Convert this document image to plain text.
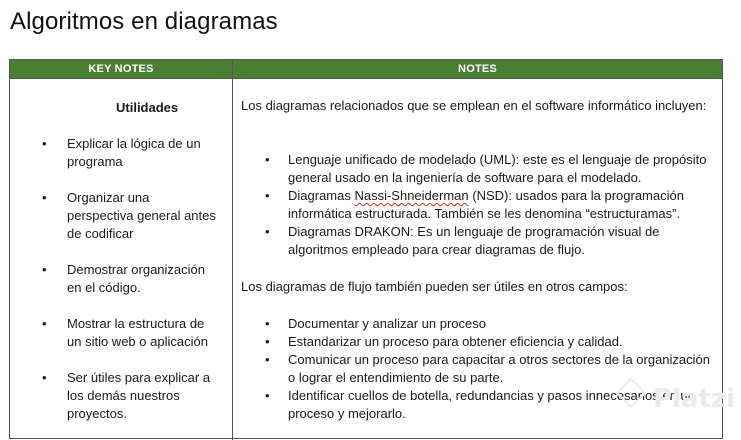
Algoritmos en diagramas
KEY NOTES	NOTES
Utilidades
• Explicar la lógica de un programa
• Organizar una perspectiva general antes de codificar
• Demostrar organización en el código.
• Mostrar la estructura de un sitio web o aplicación
• Ser útiles para explicar a los demás nuestros proyectos.
Los diagramas relacionados que se emplean en el software informático incluyen:
• Lenguaje unificado de modelado (UML): este es el lenguaje de propósito general usado en la ingeniería de software para el modelado.
• Diagramas Nassi-Shneiderman (NSD): usados para la programación informática estructurada. También se les denomina “estructuramas”.
• Diagramas DRAKON: Es un lenguaje de programación visual de algoritmos empleado para crear diagramas de flujo.
Los diagramas de flujo también pueden ser útiles en otros campos:
• Documentar y analizar un proceso
• Estandarizar un proceso para obtener eficiencia y calidad.
• Comunicar un proceso para capacitar a otros sectores de la organización o lograr el entendimiento de su parte.
• Identificar cuellos de botella, redundancias y pasos innecesarios en un proceso y mejorarlo.	Platzi
